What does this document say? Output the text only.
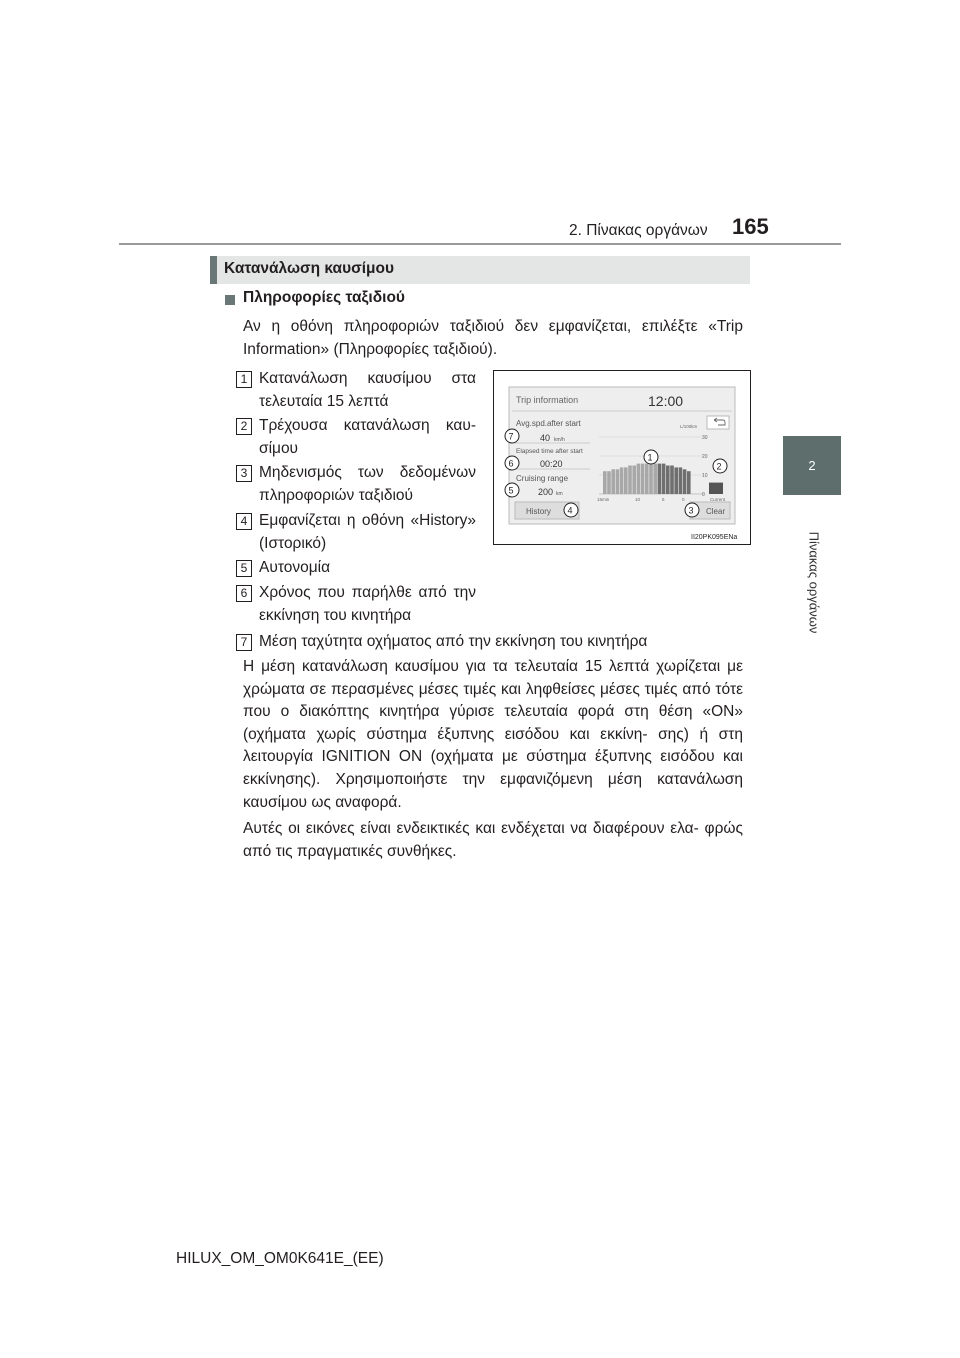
2. Πίνακας οργάνων 165
2
Πίνακας οργάνων
Κατανάλωση καυσίμου
Πληροφορίες ταξιδιού
Αν η οθόνη πληροφοριών ταξιδιού δεν εμφανίζεται, επιλέξτε «Trip Information» (Πληροφορίες ταξιδιού).
1 Κατανάλωση καυσίμου στα τελευταία 15 λεπτά
2 Τρέχουσα κατανάλωση καυ- σίμου
3 Μηδενισμός των δεδομένων πληροφοριών ταξιδιού
4 Εμφανίζεται η οθόνη «History» (Ιστορικό)
5 Αυτονομία
6 Χρόνος που παρήλθε από την εκκίνηση του κινητήρα
7 Μέση ταχύτητα οχήματος από την εκκίνηση του κινητήρα
Trip information	12:00
Avg.spd.after start
40 km/h
Elapsed time after start
00:20
Cruising range
200 km
History	Clear
L/100km
30
20
10
0
15min	10	5	0	Current
7
6
5
4
1
2
3
II20PK095ENa
Η μέση κατανάλωση καυσίμου για τα τελευταία 15 λεπτά χωρίζεται με χρώματα σε περασμένες μέσες τιμές και ληφθείσες μέσες τιμές από τότε που ο διακόπτης κινητήρα γύρισε τελευταία φορά στη θέση «ON» (οχήματα χωρίς σύστημα έξυπνης εισόδου και εκκίνη- σης) ή στη λειτουργία IGNITION ON (οχήματα με σύστημα έξυπνης εισόδου και εκκίνησης). Χρησιμοποιήστε την εμφανιζόμενη μέση κατανάλωση καυσίμου ως αναφορά.
Αυτές οι εικόνες είναι ενδεικτικές και ενδέχεται να διαφέρουν ελα- φρώς από τις πραγματικές συνθήκες.
HILUX_OM_OM0K641E_(EE)
